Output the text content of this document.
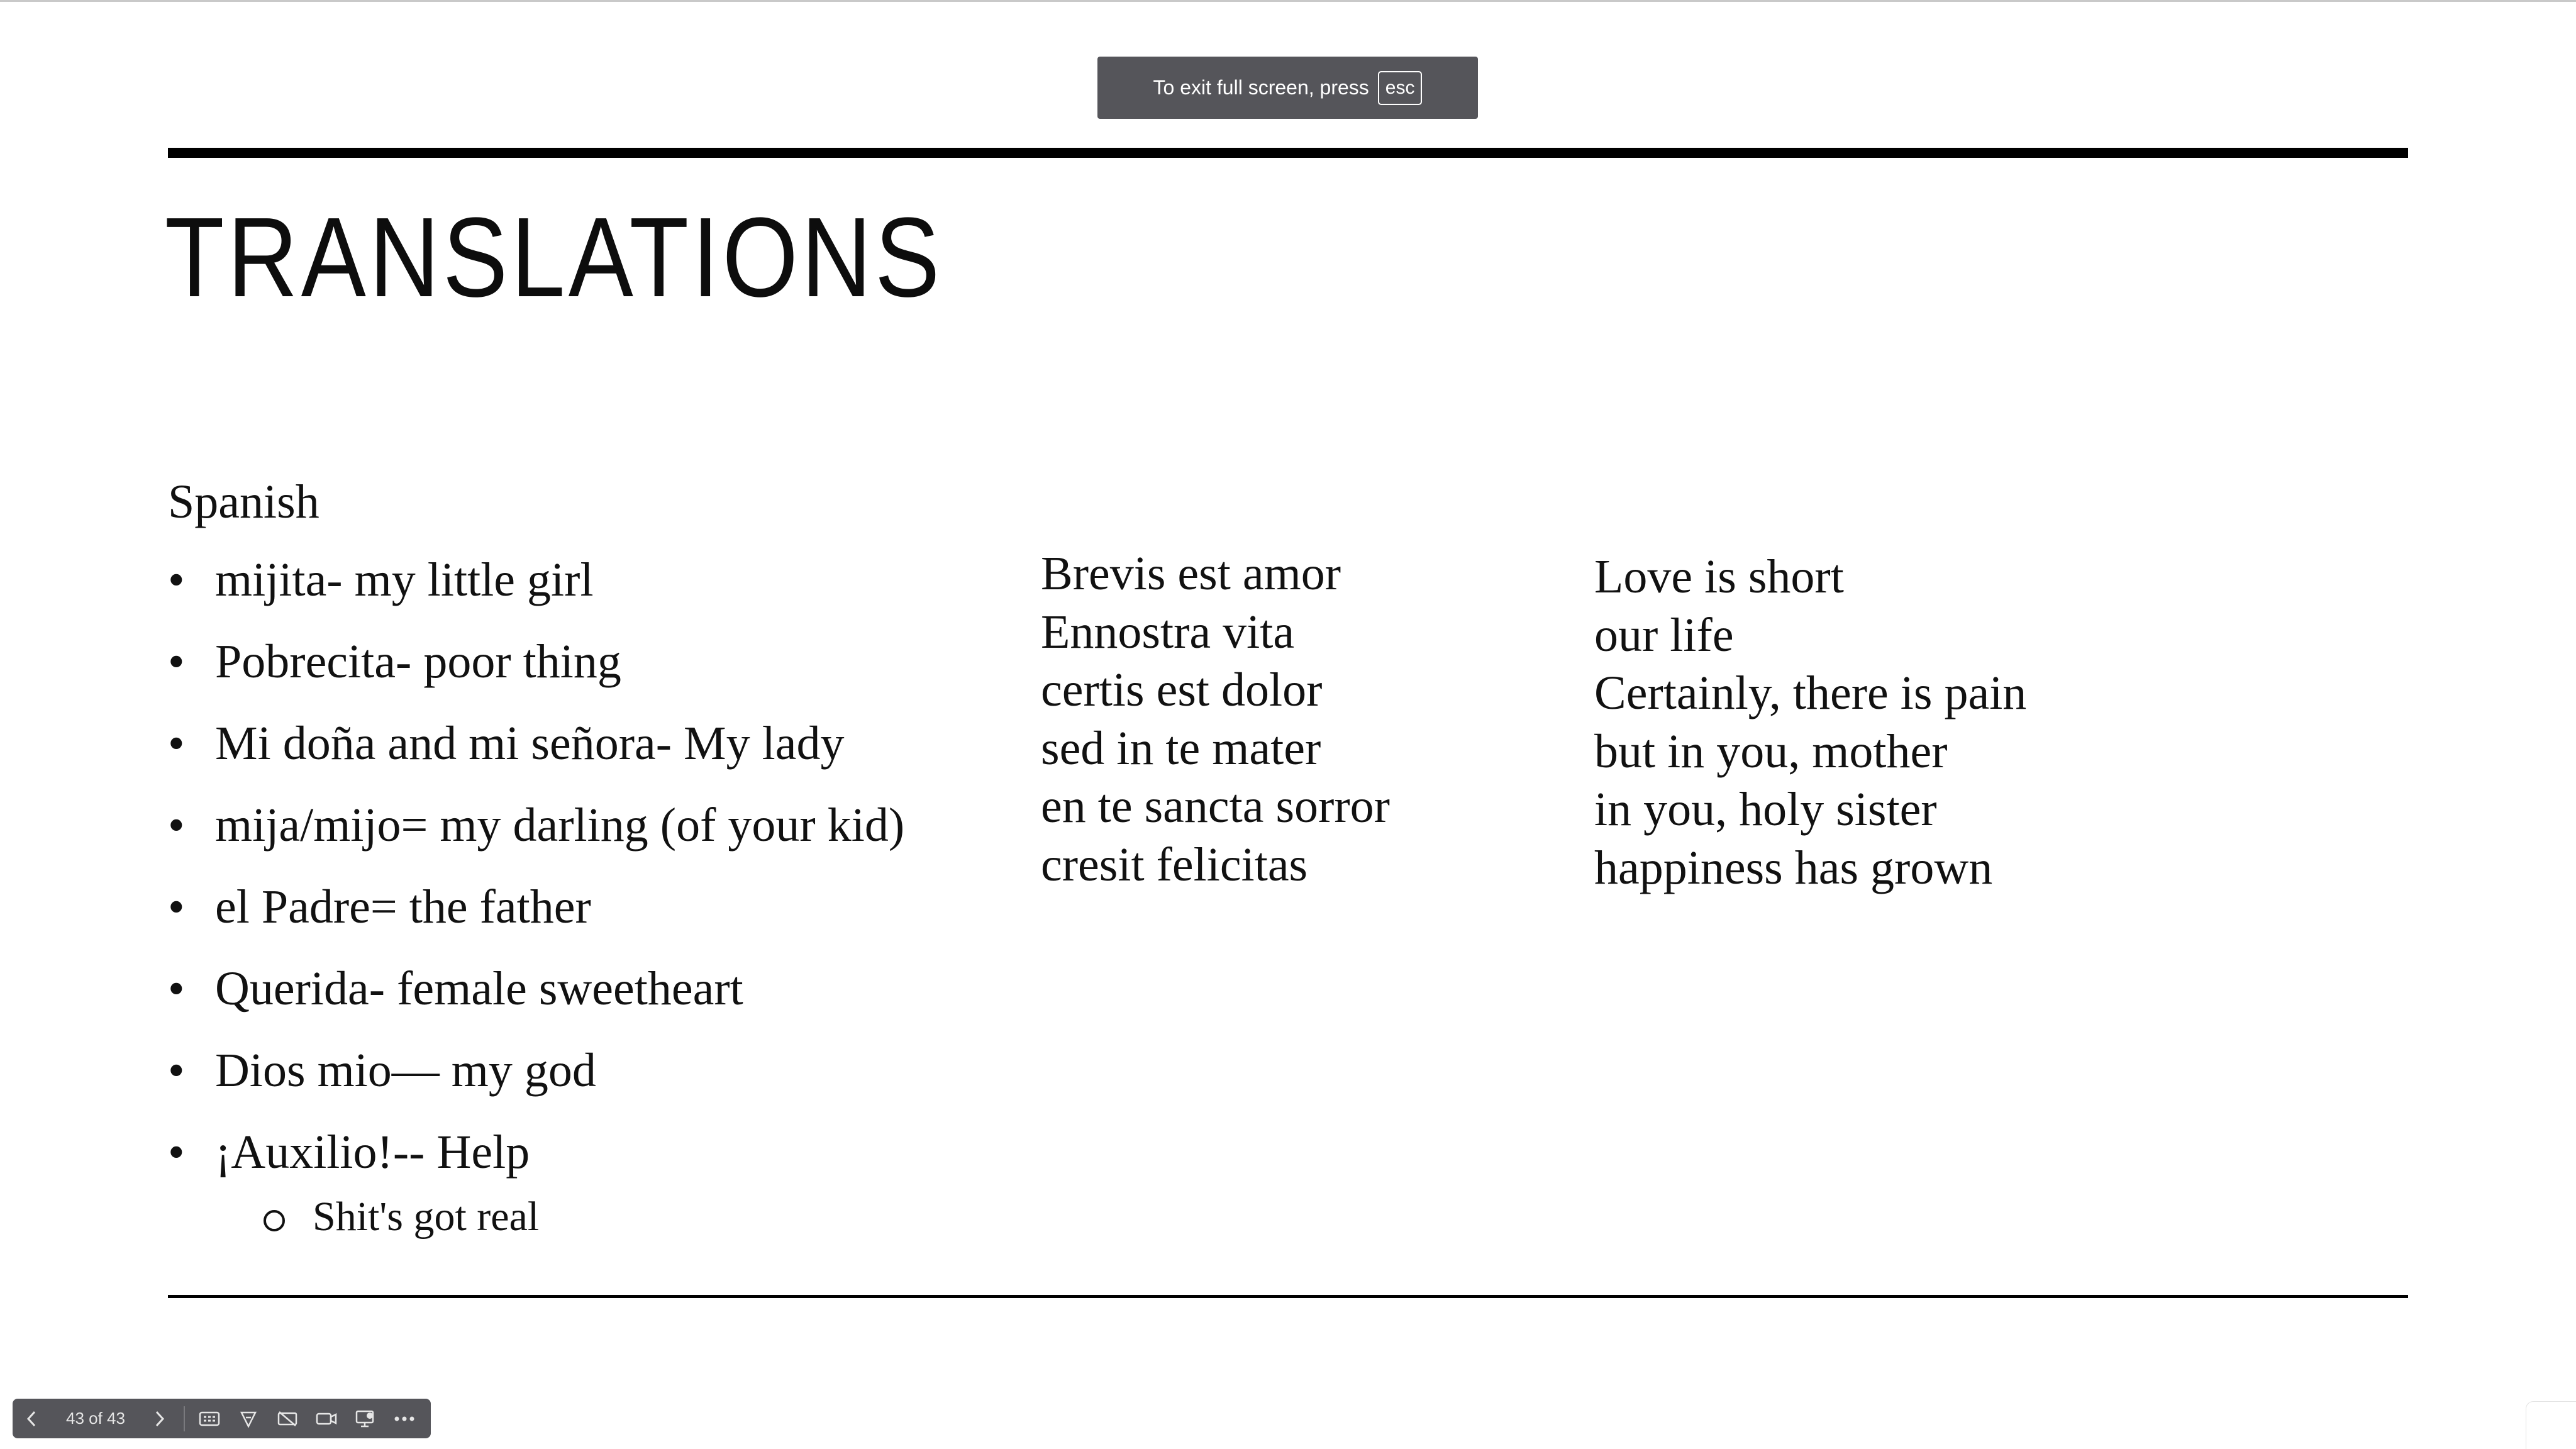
To exit full screen, press esc
TRANSLATIONS

Spanish

• mijita- my little girl
• Pobrecita- poor thing
• Mi doña and mi señora- My lady
• mija/mijo= my darling (of your kid)
• el Padre= the father
• Querida- female sweetheart
• Dios mio— my god
• ¡Auxilio!-- Help
Shit's got real
Brevis est amor
Ennostra vita
certis est dolor
sed in te mater
en te sancta sorror
cresit felicitas
Love is short
our life
Certainly, there is pain
but in you, mother
in you, holy sister
happiness has grown
43 of 43
